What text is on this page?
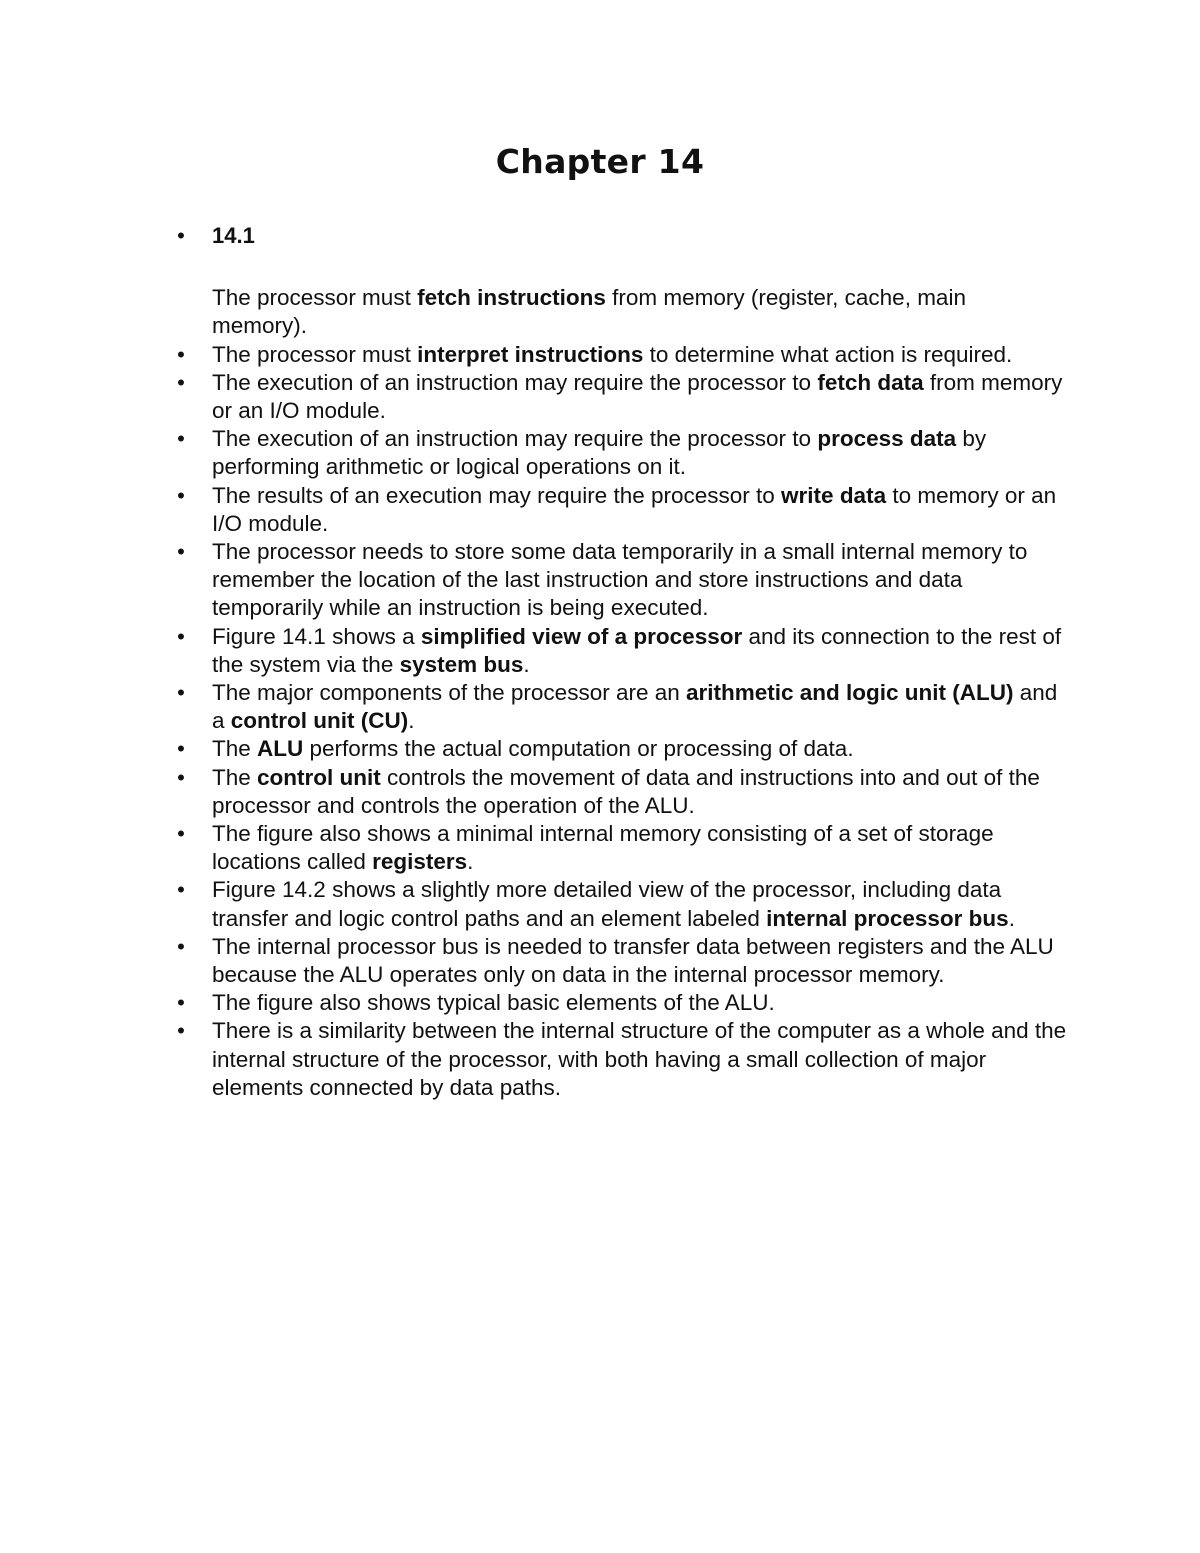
Chapter 14
• 14.1
The processor must fetch instructions from memory (register, cache, main memory).
• The processor must interpret instructions to determine what action is required.
• The execution of an instruction may require the processor to fetch data from memory or an I/O module.
• The execution of an instruction may require the processor to process data by performing arithmetic or logical operations on it.
• The results of an execution may require the processor to write data to memory or an I/O module.
• The processor needs to store some data temporarily in a small internal memory to remember the location of the last instruction and store instructions and data temporarily while an instruction is being executed.
• Figure 14.1 shows a simplified view of a processor and its connection to the rest of the system via the system bus.
• The major components of the processor are an arithmetic and logic unit (ALU) and a control unit (CU).
• The ALU performs the actual computation or processing of data.
• The control unit controls the movement of data and instructions into and out of the processor and controls the operation of the ALU.
• The figure also shows a minimal internal memory consisting of a set of storage locations called registers.
• Figure 14.2 shows a slightly more detailed view of the processor, including data transfer and logic control paths and an element labeled internal processor bus.
• The internal processor bus is needed to transfer data between registers and the ALU because the ALU operates only on data in the internal processor memory.
• The figure also shows typical basic elements of the ALU.
• There is a similarity between the internal structure of the computer as a whole and the internal structure of the processor, with both having a small collection of major elements connected by data paths.
